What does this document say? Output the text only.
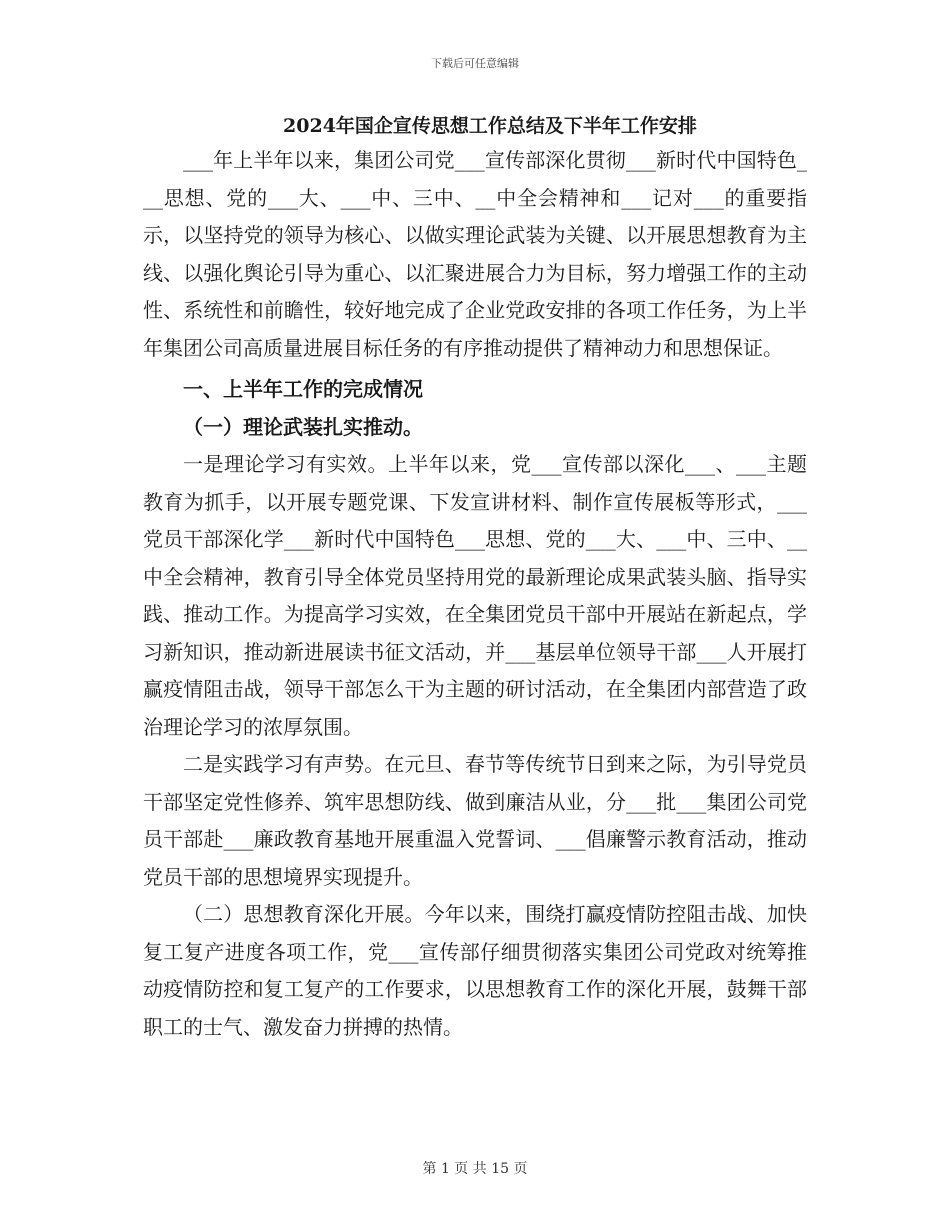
下载后可任意编辑
2024年国企宣传思想工作总结及下半年工作安排

___年上半年以来，集团公司党___宣传部深化贯彻___新时代中国特色___思想、党的___大、___中、三中、__中全会精神和___记对___的重要指示，以坚持党的领导为核心、以做实理论武装为关键、以开展思想教育为主线、以强化舆论引导为重心、以汇聚进展合力为目标，努力增强工作的主动性、系统性和前瞻性，较好地完成了企业党政安排的各项工作任务，为上半年集团公司高质量进展目标任务的有序推动提供了精神动力和思想保证。

一、上半年工作的完成情况

（一）理论武装扎实推动。

一是理论学习有实效。上半年以来，党___宣传部以深化___、___主题教育为抓手，以开展专题党课、下发宣讲材料、制作宣传展板等形式，___党员干部深化学___新时代中国特色___思想、党的___大、___中、三中、__中全会精神，教育引导全体党员坚持用党的最新理论成果武装头脑、指导实践、推动工作。为提高学习实效，在全集团党员干部中开展站在新起点，学习新知识，推动新进展读书征文活动，并___基层单位领导干部___人开展打赢疫情阻击战，领导干部怎么干为主题的研讨活动，在全集团内部营造了政治理论学习的浓厚氛围。

二是实践学习有声势。在元旦、春节等传统节日到来之际，为引导党员干部坚定党性修养、筑牢思想防线、做到廉洁从业，分___批___集团公司党员干部赴___廉政教育基地开展重温入党誓词、___倡廉警示教育活动，推动党员干部的思想境界实现提升。

（二）思想教育深化开展。今年以来，围绕打赢疫情防控阻击战、加快复工复产进度各项工作，党___宣传部仔细贯彻落实集团公司党政对统筹推动疫情防控和复工复产的工作要求，以思想教育工作的深化开展，鼓舞干部职工的士气、激发奋力拼搏的热情。

第 1 页 共 15 页
